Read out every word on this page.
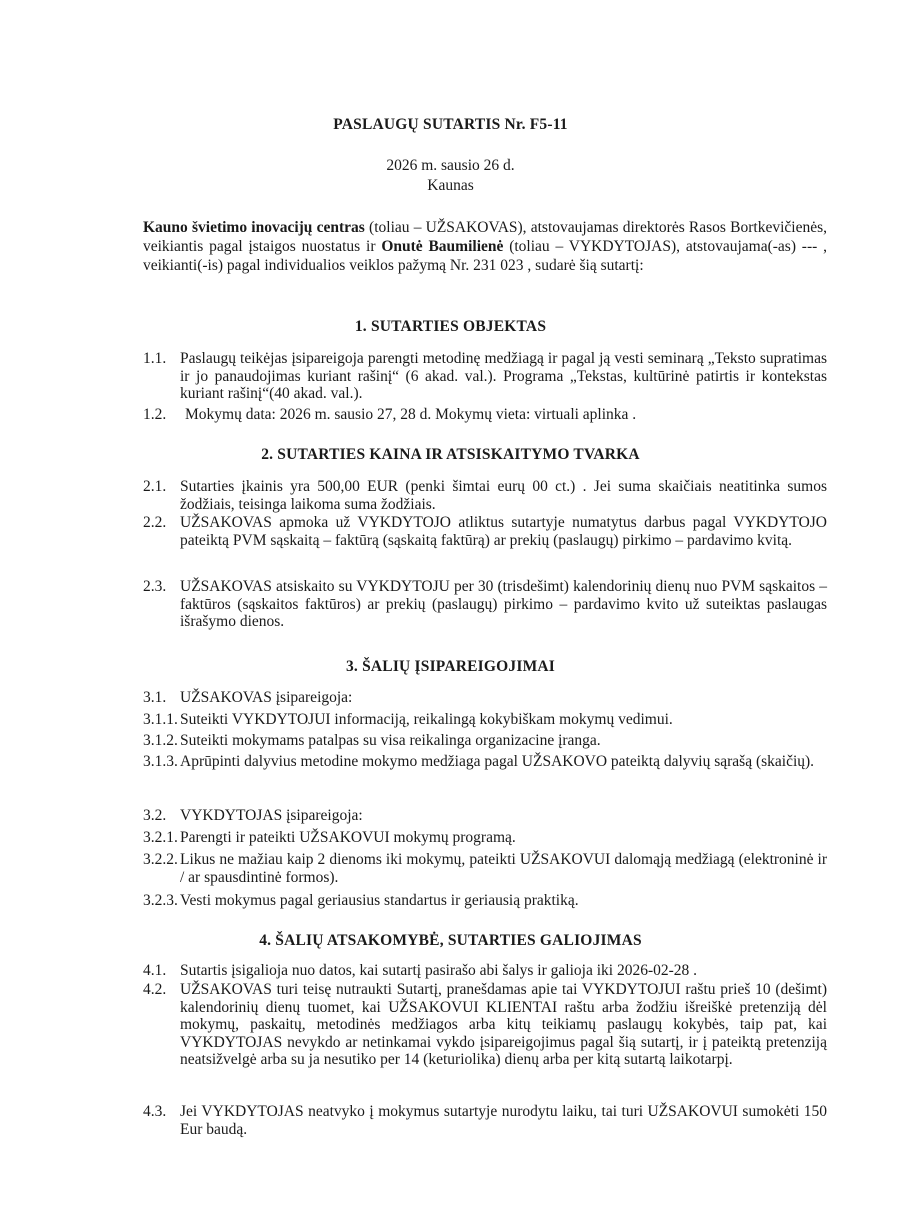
PASLAUGŲ SUTARTIS Nr. F5-11
2026 m. sausio 26 d.
Kaunas
Kauno švietimo inovacijų centras (toliau – UŽSAKOVAS), atstovaujamas direktorės Rasos Bortkevičienės, veikiantis pagal įstaigos nuostatus ir Onutė Baumilienė (toliau – VYKDYTOJAS), atstovaujama(-as) --- , veikianti(-is) pagal individualios veiklos pažymą Nr. 231 023 , sudarė šią sutartį:
1. SUTARTIES OBJEKTAS
1.1. Paslaugų teikėjas įsipareigoja parengti metodinę medžiagą ir pagal ją vesti seminarą „Teksto supratimas ir jo panaudojimas kuriant rašinį“ (6 akad. val.). Programa „Tekstas, kultūrinė patirtis ir kontekstas kuriant rašinį“(40 akad. val.).
1.2.	Mokymų data: 2026 m. sausio 27, 28 d. Mokymų vieta: virtuali aplinka .
2. SUTARTIES KAINA IR ATSISKAITYMO TVARKA
2.1. Sutarties įkainis yra 500,00 EUR (penki šimtai eurų 00 ct.) . Jei suma skaičiais neatitinka sumos žodžiais, teisinga laikoma suma žodžiais.
2.2. UŽSAKOVAS apmoka už VYKDYTOJO atliktus sutartyje numatytus darbus pagal VYKDYTOJO pateiktą PVM sąskaitą – faktūrą (sąskaitą faktūrą) ar prekių (paslaugų) pirkimo – pardavimo kvitą.
2.3. UŽSAKOVAS atsiskaito su VYKDYTOJU per 30 (trisdešimt) kalendorinių dienų nuo PVM sąskaitos – faktūros (sąskaitos faktūros) ar prekių (paslaugų) pirkimo – pardavimo kvito už suteiktas paslaugas išrašymo dienos.
3. ŠALIŲ ĮSIPAREIGOJIMAI
3.1. UŽSAKOVAS įsipareigoja:
3.1.1. Suteikti VYKDYTOJUI informaciją, reikalingą kokybiškam mokymų vedimui.
3.1.2. Suteikti mokymams patalpas su visa reikalinga organizacine įranga.
3.1.3. Aprūpinti dalyvius metodine mokymo medžiaga pagal UŽSAKOVO pateiktą dalyvių sąrašą (skaičių).
3.2. VYKDYTOJAS įsipareigoja:
3.2.1. Parengti ir pateikti UŽSAKOVUI mokymų programą.
3.2.2. Likus ne mažiau kaip 2 dienoms iki mokymų, pateikti UŽSAKOVUI dalomąją medžiagą (elektroninė ir / ar spausdintinė formos).
3.2.3. Vesti mokymus pagal geriausius standartus ir geriausią praktiką.
4. ŠALIŲ ATSAKOMYBĖ, SUTARTIES GALIOJIMAS
4.1. Sutartis įsigalioja nuo datos, kai sutartį pasirašo abi šalys ir galioja iki 2026-02-28 .
4.2. UŽSAKOVAS turi teisę nutraukti Sutartį, pranešdamas apie tai VYKDYTOJUI raštu prieš 10 (dešimt) kalendorinių dienų tuomet, kai UŽSAKOVUI KLIENTAI raštu arba žodžiu išreiškė pretenziją dėl mokymų, paskaitų, metodinės medžiagos arba kitų teikiamų paslaugų kokybės, taip pat, kai VYKDYTOJAS nevykdo ar netinkamai vykdo įsipareigojimus pagal šią sutartį, ir į pateiktą pretenziją neatsižvelgė arba su ja nesutiko per 14 (keturiolika) dienų arba per kitą sutartą laikotarpį.
4.3. Jei VYKDYTOJAS neatvyko į mokymus sutartyje nurodytu laiku, tai turi UŽSAKOVUI sumokėti 150 Eur baudą.
